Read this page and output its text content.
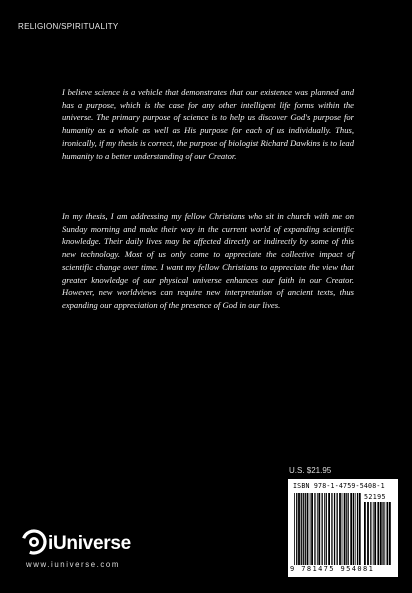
RELIGION/SPIRITUALITY
I believe science is a vehicle that demonstrates that our existence was planned and has a purpose, which is the case for any other intelligent life forms within the universe. The primary purpose of science is to help us discover God's purpose for humanity as a whole as well as His purpose for each of us individually. Thus, ironically, if my thesis is correct, the purpose of biologist Richard Dawkins is to lead humanity to a better understanding of our Creator.
In my thesis, I am addressing my fellow Christians who sit in church with me on Sunday morning and make their way in the current world of expanding scientific knowledge. Their daily lives may be affected directly or indirectly by some of this new technology. Most of us only come to appreciate the collective impact of scientific change over time. I want my fellow Christians to appreciate the view that greater knowledge of our physical universe enhances our faith in our Creator. However, new worldviews can require new interpretation of ancient texts, thus expanding our appreciation of the presence of God in our lives.
iUniverse
www.iuniverse.com
U.S. $21.95
ISBN 978-1-4759-5408-1
52195
9 781475 954081
